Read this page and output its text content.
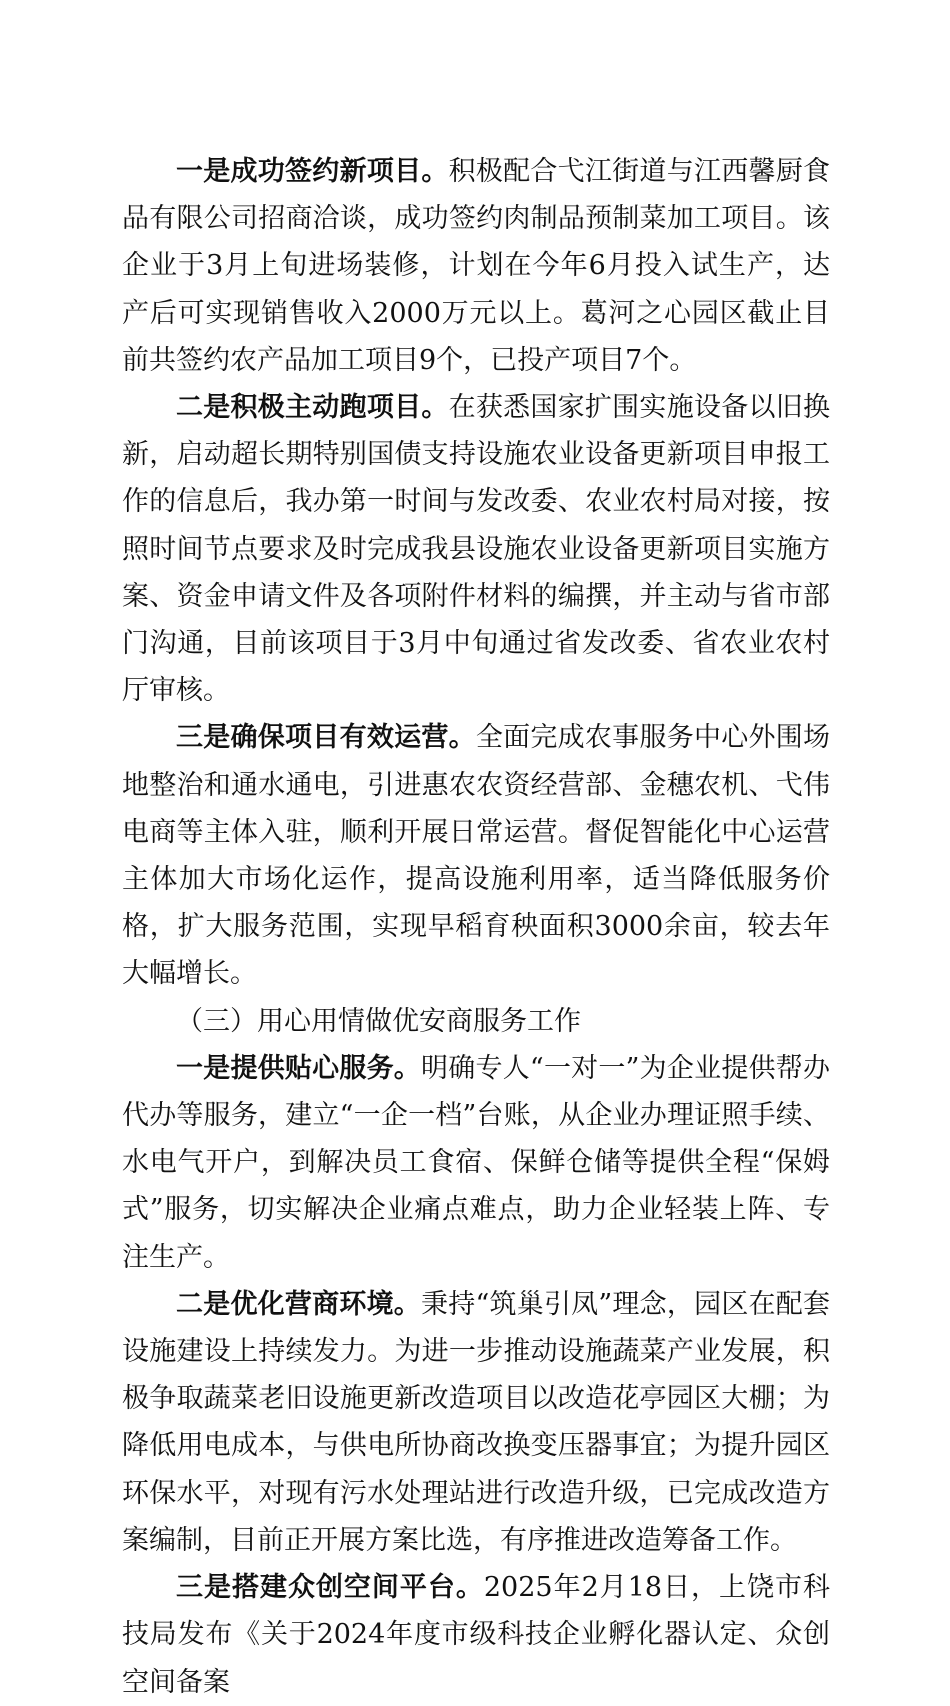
一是成功签约新项目。积极配合弋江街道与江西馨厨食品有限公司招商洽谈，成功签约肉制品预制菜加工项目。该企业于3月上旬进场装修，计划在今年6月投入试生产，达产后可实现销售收入2000万元以上。葛河之心园区截止目前共签约农产品加工项目9个，已投产项目7个。

二是积极主动跑项目。在获悉国家扩围实施设备以旧换新，启动超长期特别国债支持设施农业设备更新项目申报工作的信息后，我办第一时间与发改委、农业农村局对接，按照时间节点要求及时完成我县设施农业设备更新项目实施方案、资金申请文件及各项附件材料的编撰，并主动与省市部门沟通，目前该项目于3月中旬通过省发改委、省农业农村厅审核。

三是确保项目有效运营。全面完成农事服务中心外围场地整治和通水通电，引进惠农农资经营部、金穗农机、弋伟电商等主体入驻，顺利开展日常运营。督促智能化中心运营主体加大市场化运作，提高设施利用率，适当降低服务价格，扩大服务范围，实现早稻育秧面积3000余亩，较去年大幅增长。

（三）用心用情做优安商服务工作

一是提供贴心服务。明确专人“一对一”为企业提供帮办代办等服务，建立“一企一档”台账，从企业办理证照手续、水电气开户，到解决员工食宿、保鲜仓储等提供全程“保姆式”服务，切实解决企业痛点难点，助力企业轻装上阵、专注生产。

二是优化营商环境。秉持“筑巢引凤”理念，园区在配套设施建设上持续发力。为进一步推动设施蔬菜产业发展，积极争取蔬菜老旧设施更新改造项目以改造花亭园区大棚；为降低用电成本，与供电所协商改换变压器事宜；为提升园区环保水平，对现有污水处理站进行改造升级，已完成改造方案编制，目前正开展方案比选，有序推进改造筹备工作。

三是搭建众创空间平台。2025年2月18日，上饶市科技局发布《关于2024年度市级科技企业孵化器认定、众创空间备案
